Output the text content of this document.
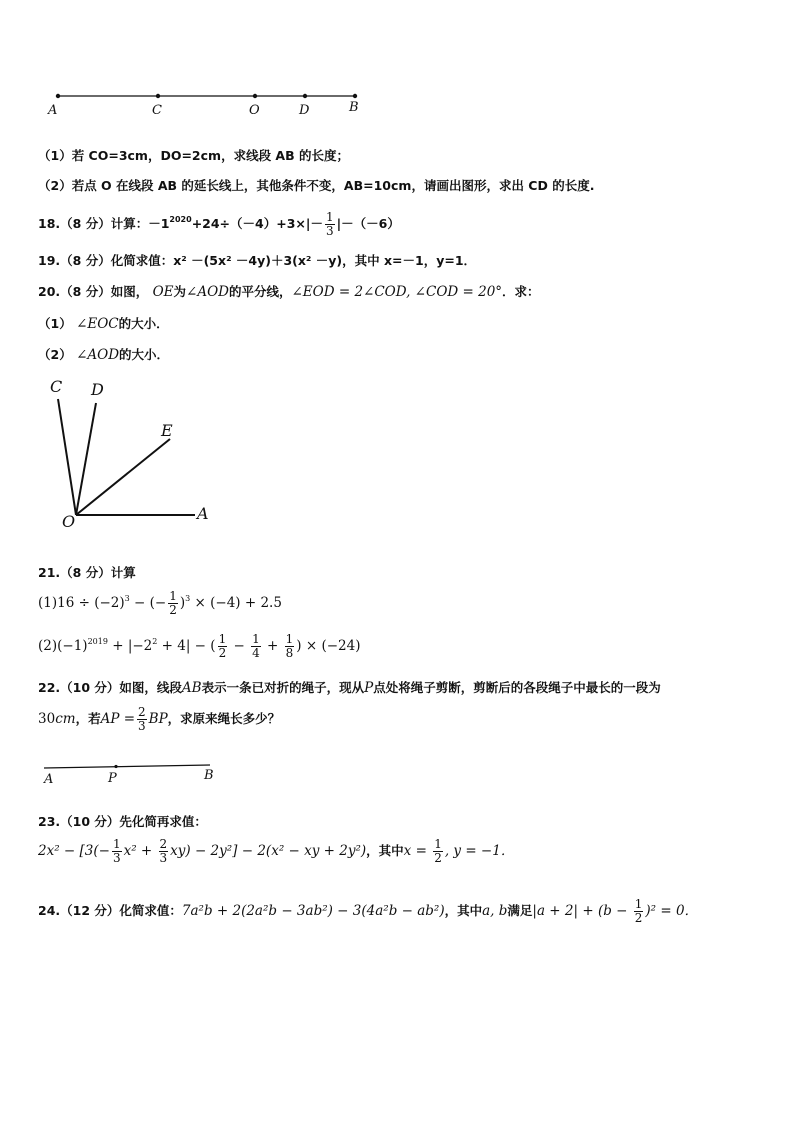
A	C	O	D	B
（1）若 CO=3cm，DO=2cm，求线段 AB 的长度；
（2）若点 O 在线段 AB 的延长线上，其他条件不变，AB=10cm，请画出图形，求出 CD 的长度.
18.（8 分）计算：$-1^{2020}+24\div(-4)+3\times|- \frac{1}{3} |-(-6)$
19.（8 分）化简求值：x² －(5x² －4y)＋3(x² －y)，其中 x=－1，y=1．
20.（8 分）如图， OE为∠AOD的平分线，∠EOD = 2∠COD, ∠COD = 20°．求：
（1） ∠EOC的大小．
（2） ∠AOD的大小．
C D
E
O	A
21.（8 分）计算
$(1)16 \div (-2)^3$ − (− $\frac{1}{2} )^3 \times (-4) + 2.5$
$(2)(-1)^{2019} + |-2^2 + 4|$ − ( $\frac{1}{2} - \frac{1}{4} + \frac{1}{8}$ ) × (−24)
22.（10 分）如图，线段AB表示一条已对折的绳子，现从P点处将绳子剪断，剪断后的各段绳子中最长的一段为
30cm，若AP = $\frac{2}{3}$ BP，求原来绳长多少？
A	P	B
23.（10 分）先化简再求值：
$2x^2 - [3(- \frac{1}{3} x^2 + \frac{2}{3} xy) - 2y^2] - 2(x^2$ − xy + 2y²)，其中$x = \frac{1}{2}$ , y = −1．
24.（12 分）化简求值：7a²b + 2(2a²b − 3ab²) − 3(4a²b − ab²)，其中a, b满足$|a + 2| + (b - \frac{1}{2} )^2 = 0$．
